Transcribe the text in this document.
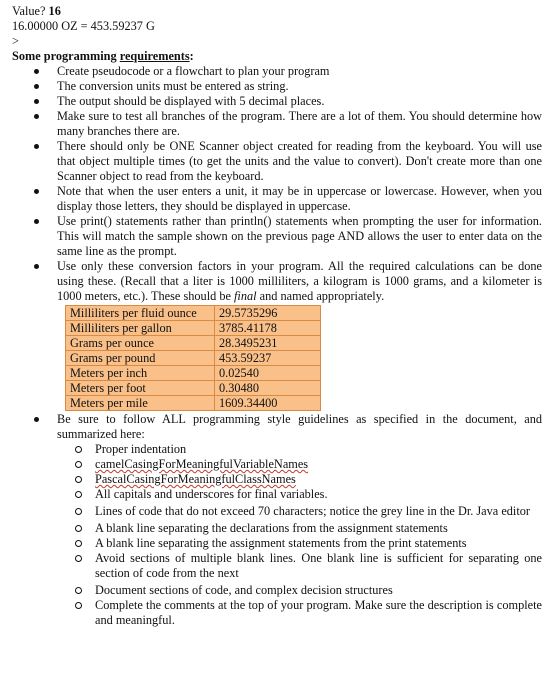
Value? 16
16.00000 OZ = 453.59237 G
>
Some programming requirements:
Create pseudocode or a flowchart to plan your program
The conversion units must be entered as string.
The output should be displayed with 5 decimal places.
Make sure to test all branches of the program. There are a lot of them. You should determine how many branches there are.
There should only be ONE Scanner object created for reading from the keyboard. You will use that object multiple times (to get the units and the value to convert). Don't create more than one Scanner object to read from the keyboard.
Note that when the user enters a unit, it may be in uppercase or lowercase. However, when you display those letters, they should be displayed in uppercase.
Use print() statements rather than println() statements when prompting the user for information. This will match the sample shown on the previous page AND allows the user to enter data on the same line as the prompt.
Use only these conversion factors in your program. All the required calculations can be done using these. (Recall that a liter is 1000 milliliters, a kilogram is 1000 grams, and a kilometer is 1000 meters, etc.). These should be final and named appropriately.
Milliliters per fluid ounce	29.5735296
Milliliters per gallon	3785.41178
Grams per ounce	28.3495231
Grams per pound	453.59237
Meters per inch	0.02540
Meters per foot	0.30480
Meters per mile	1609.34400
Be sure to follow ALL programming style guidelines as specified in the document, and summarized here:
Proper indentation
camelCasingForMeaningfulVariableNames
PascalCasingForMeaningfulClassNames
All capitals and underscores for final variables.
Lines of code that do not exceed 70 characters; notice the grey line in the Dr. Java editor
A blank line separating the declarations from the assignment statements
A blank line separating the assignment statements from the print statements
Avoid sections of multiple blank lines. One blank line is sufficient for separating one section of code from the next
Document sections of code, and complex decision structures
Complete the comments at the top of your program. Make sure the description is complete and meaningful.
